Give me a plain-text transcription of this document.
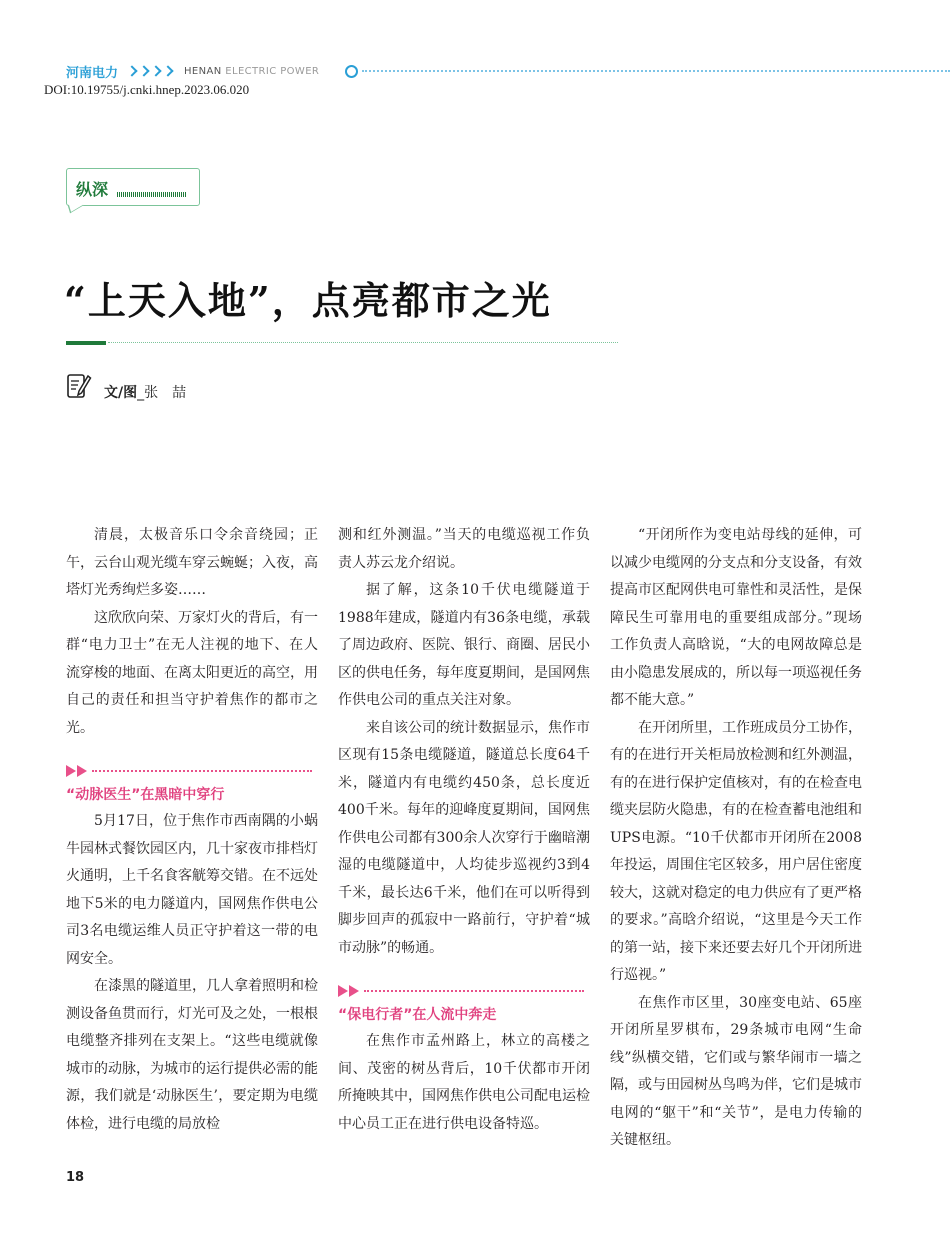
河南电力	HENAN ELECTRIC POWER
DOI:10.19755/j.cnki.hnep.2023.06.020
纵深
“上天入地”，点亮都市之光
文/图_张　喆

清晨，太极音乐口令余音绕园；正午，云台山观光缆车穿云蜿蜒；入夜，高塔灯光秀绚烂多姿……

这欣欣向荣、万家灯火的背后，有一群“电力卫士”在无人注视的地下、在人流穿梭的地面、在离太阳更近的高空，用自己的责任和担当守护着焦作的都市之光。

“动脉医生”在黑暗中穿行

5月17日，位于焦作市西南隅的小蜗牛园林式餐饮园区内，几十家夜市排档灯火通明，上千名食客觥筹交错。在不远处地下5米的电力隧道内，国网焦作供电公司3名电缆运维人员正守护着这一带的电网安全。

在漆黑的隧道里，几人拿着照明和检测设备鱼贯而行，灯光可及之处，一根根电缆整齐排列在支架上。“这些电缆就像城市的动脉，为城市的运行提供必需的能源，我们就是‘动脉医生’，要定期为电缆体检，进行电缆的局放检

测和红外测温。”当天的电缆巡视工作负责人苏云龙介绍说。

据了解，这条10千伏电缆隧道于1988年建成，隧道内有36条电缆，承载了周边政府、医院、银行、商圈、居民小区的供电任务，每年度夏期间，是国网焦作供电公司的重点关注对象。

来自该公司的统计数据显示，焦作市区现有15条电缆隧道，隧道总长度64千米，隧道内有电缆约450条，总长度近400千米。每年的迎峰度夏期间，国网焦作供电公司都有300余人次穿行于幽暗潮湿的电缆隧道中，人均徒步巡视约3到4千米，最长达6千米，他们在可以听得到脚步回声的孤寂中一路前行，守护着“城市动脉”的畅通。

“保电行者”在人流中奔走

在焦作市孟州路上，林立的高楼之间、茂密的树丛背后，10千伏都市开闭所掩映其中，国网焦作供电公司配电运检中心员工正在进行供电设备特巡。

“开闭所作为变电站母线的延伸，可以减少电缆网的分支点和分支设备，有效提高市区配网供电可靠性和灵活性，是保障民生可靠用电的重要组成部分。”现场工作负责人高晗说，“大的电网故障总是由小隐患发展成的，所以每一项巡视任务都不能大意。”

在开闭所里，工作班成员分工协作，有的在进行开关柜局放检测和红外测温，有的在进行保护定值核对，有的在检查电缆夹层防火隐患，有的在检查蓄电池组和UPS电源。“10千伏都市开闭所在2008年投运，周围住宅区较多，用户居住密度较大，这就对稳定的电力供应有了更严格的要求。”高晗介绍说，“这里是今天工作的第一站，接下来还要去好几个开闭所进行巡视。”

在焦作市区里，30座变电站、65座开闭所星罗棋布，29条城市电网“生命线”纵横交错，它们或与繁华闹市一墙之隔，或与田园树丛鸟鸣为伴，它们是城市电网的“躯干”和“关节”，是电力传输的关键枢纽。

18
